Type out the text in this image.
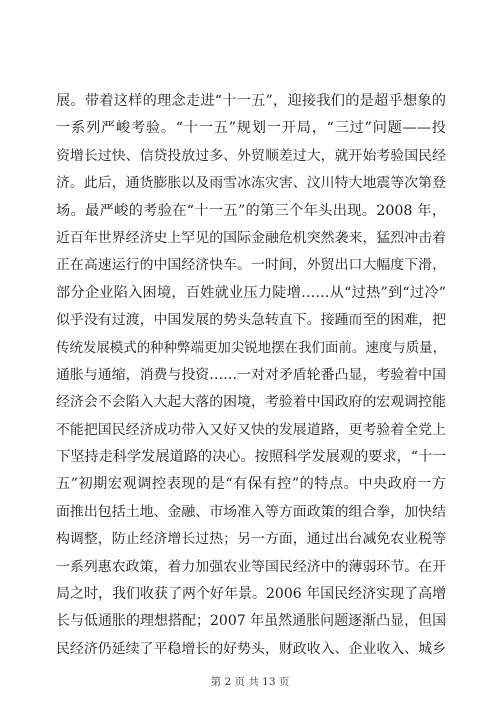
展。带着这样的理念走进“十一五”，迎接我们的是超乎想象的
一系列严峻考验。“十一五”规划一开局，“三过”问题——投
资增长过快、信贷投放过多、外贸顺差过大，就开始考验国民经
济。此后，通货膨胀以及雨雪冰冻灾害、汶川特大地震等次第登
场。最严峻的考验在“十一五”的第三个年头出现。2008 年，
近百年世界经济史上罕见的国际金融危机突然袭来，猛烈冲击着
正在高速运行的中国经济快车。一时间，外贸出口大幅度下滑，
部分企业陷入困境，百姓就业压力陡增……从“过热”到“过冷”
似乎没有过渡，中国发展的势头急转直下。接踵而至的困难，把
传统发展模式的种种弊端更加尖锐地摆在我们面前。速度与质量，
通胀与通缩，消费与投资……一对对矛盾轮番凸显，考验着中国
经济会不会陷入大起大落的困境，考验着中国政府的宏观调控能
不能把国民经济成功带入又好又快的发展道路，更考验着全党上
下坚持走科学发展道路的决心。按照科学发展观的要求，“十一
五”初期宏观调控表现的是“有保有控”的特点。中央政府一方
面推出包括土地、金融、市场准入等方面政策的组合拳，加快结
构调整，防止经济增长过热；另一方面，通过出台减免农业税等
一系列惠农政策，着力加强农业等国民经济中的薄弱环节。在开
局之时，我们收获了两个好年景。2006 年国民经济实现了高增
长与低通胀的理想搭配；2007 年虽然通胀问题逐渐凸显，但国
民经济仍延续了平稳增长的好势头，财政收入、企业收入、城乡
第 2 页 共 13 页
